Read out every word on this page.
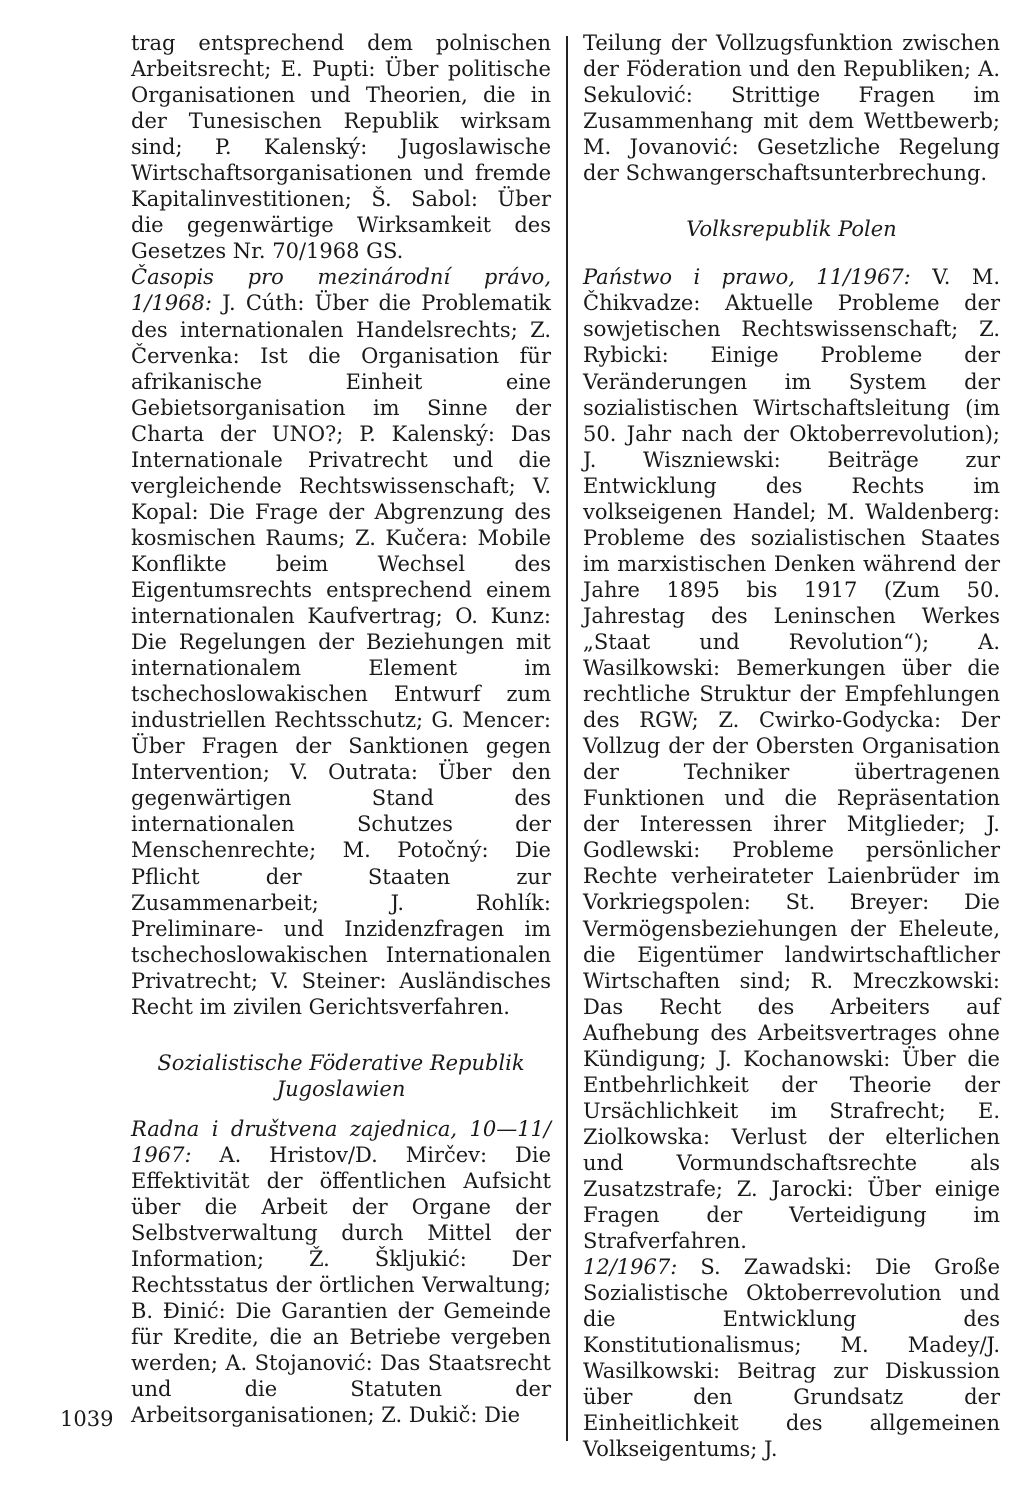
trag entsprechend dem polnischen Arbeitsrecht; E. Pupti: Über politische Organisationen und Theorien, die in der Tunesischen Republik wirksam sind; P. Kalenský: Jugoslawische Wirtschaftsorganisationen und fremde Kapitalinvestitionen; Š. Sabol: Über die gegenwärtige Wirksamkeit des Gesetzes Nr. 70/1968 GS.

Časopis pro mezinárodní právo, 1/1968: J. Cúth: Über die Problematik des internationalen Handelsrechts; Z. Červenka: Ist die Organisation für afrikanische Einheit eine Gebietsorganisation im Sinne der Charta der UNO?; P. Kalenský: Das Internationale Privatrecht und die vergleichende Rechtswissenschaft; V. Kopal: Die Frage der Abgrenzung des kosmischen Raums; Z. Kučera: Mobile Konflikte beim Wechsel des Eigentumsrechts entsprechend einem internationalen Kaufvertrag; O. Kunz: Die Regelungen der Beziehungen mit internationalem Element im tschechoslowakischen Entwurf zum industriellen Rechtsschutz; G. Mencer: Über Fragen der Sanktionen gegen Intervention; V. Outrata: Über den gegenwärtigen Stand des internationalen Schutzes der Menschenrechte; M. Potočný: Die Pflicht der Staaten zur Zusammenarbeit; J. Rohlík: Preliminare- und Inzidenzfragen im tschechoslowakischen Internationalen Privatrecht; V. Steiner: Ausländisches Recht im zivilen Gerichtsverfahren.

Sozialistische Föderative Republik

Jugoslawien

Radna i društvena zajednica, 10—11/ 1967: A. Hristov/D. Mirčev: Die Effektivität der öffentlichen Aufsicht über die Arbeit der Organe der Selbstverwaltung durch Mittel der Information; Ž. Škljukić: Der Rechtsstatus der örtlichen Verwaltung; B. Đinić: Die Garantien der Gemeinde für Kredite, die an Betriebe vergeben werden; A. Stojanović: Das Staatsrecht und die Statuten der Arbeitsorganisationen; Z. Dukič: Die

Teilung der Vollzugsfunktion zwischen der Föderation und den Republiken; A. Sekulović: Strittige Fragen im Zusammenhang mit dem Wettbewerb; M. Jovanović: Gesetzliche Regelung der Schwangerschaftsunterbrechung.

Volksrepublik Polen

Państwo i prawo, 11/1967: V. M. Čhikvadze: Aktuelle Probleme der sowjetischen Rechtswissenschaft; Z. Rybicki: Einige Probleme der Veränderungen im System der sozialistischen Wirtschaftsleitung (im 50. Jahr nach der Oktoberrevolution); J. Wiszniewski: Beiträge zur Entwicklung des Rechts im volkseigenen Handel; M. Waldenberg: Probleme des sozialistischen Staates im marxistischen Denken während der Jahre 1895 bis 1917 (Zum 50. Jahrestag des Leninschen Werkes „Staat und Revolution“); A. Wasilkowski: Bemerkungen über die rechtliche Struktur der Empfehlungen des RGW; Z. Cwirko-Godycka: Der Vollzug der der Obersten Organisation der Techniker übertragenen Funktionen und die Repräsentation der Interessen ihrer Mitglieder; J. Godlewski: Probleme persönlicher Rechte verheirateter Laienbrüder im Vorkriegspolen: St. Breyer: Die Vermögensbeziehungen der Eheleute, die Eigentümer landwirtschaftlicher Wirtschaften sind; R. Mreczkowski: Das Recht des Arbeiters auf Aufhebung des Arbeitsvertrages ohne Kündigung; J. Kochanowski: Über die Entbehrlichkeit der Theorie der Ursächlichkeit im Strafrecht; E. Ziolkowska: Verlust der elterlichen und Vormundschaftsrechte als Zusatzstrafe; Z. Jarocki: Über einige Fragen der Verteidigung im Strafverfahren.

12/1967: S. Zawadski: Die Große Sozialistische Oktoberrevolution und die Entwicklung des Konstitutionalismus; M. Madey/J. Wasilkowski: Beitrag zur Diskussion über den Grundsatz der Einheitlichkeit des allgemeinen Volkseigentums; J.

1039
